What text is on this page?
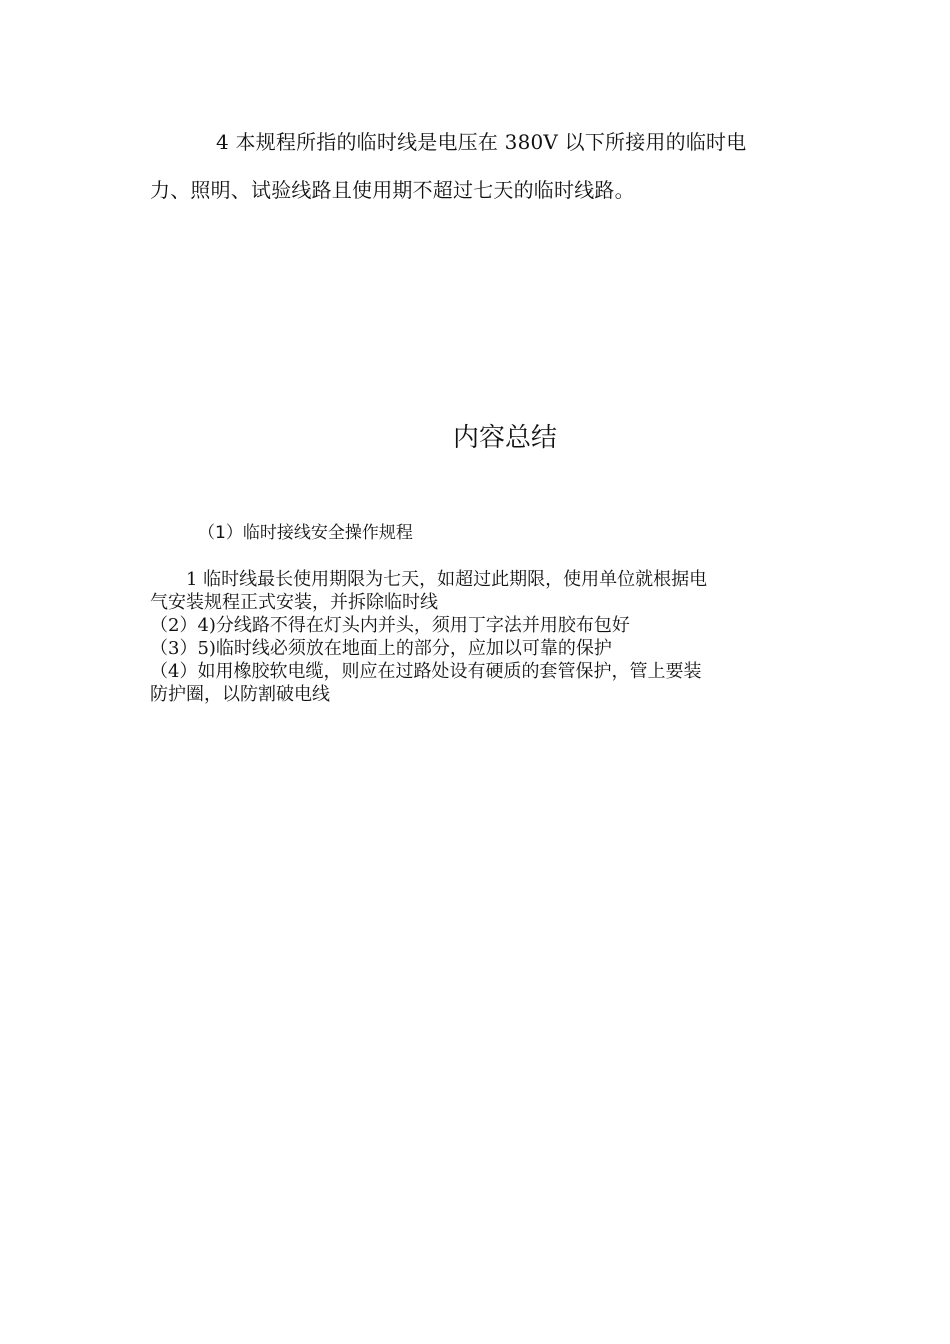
4 本规程所指的临时线是电压在 380V 以下所接用的临时电
力、照明、试验线路且使用期不超过七天的临时线路。
内容总结
（1）临时接线安全操作规程
1 临时线最长使用期限为七天，如超过此期限，使用单位就根据电
气安装规程正式安装，并拆除临时线
（2）4)分线路不得在灯头内并头，须用丁字法并用胶布包好
（3）5)临时线必须放在地面上的部分，应加以可靠的保护
（4）如用橡胶软电缆，则应在过路处设有硬质的套管保护，管上要装
防护圈，以防割破电线
